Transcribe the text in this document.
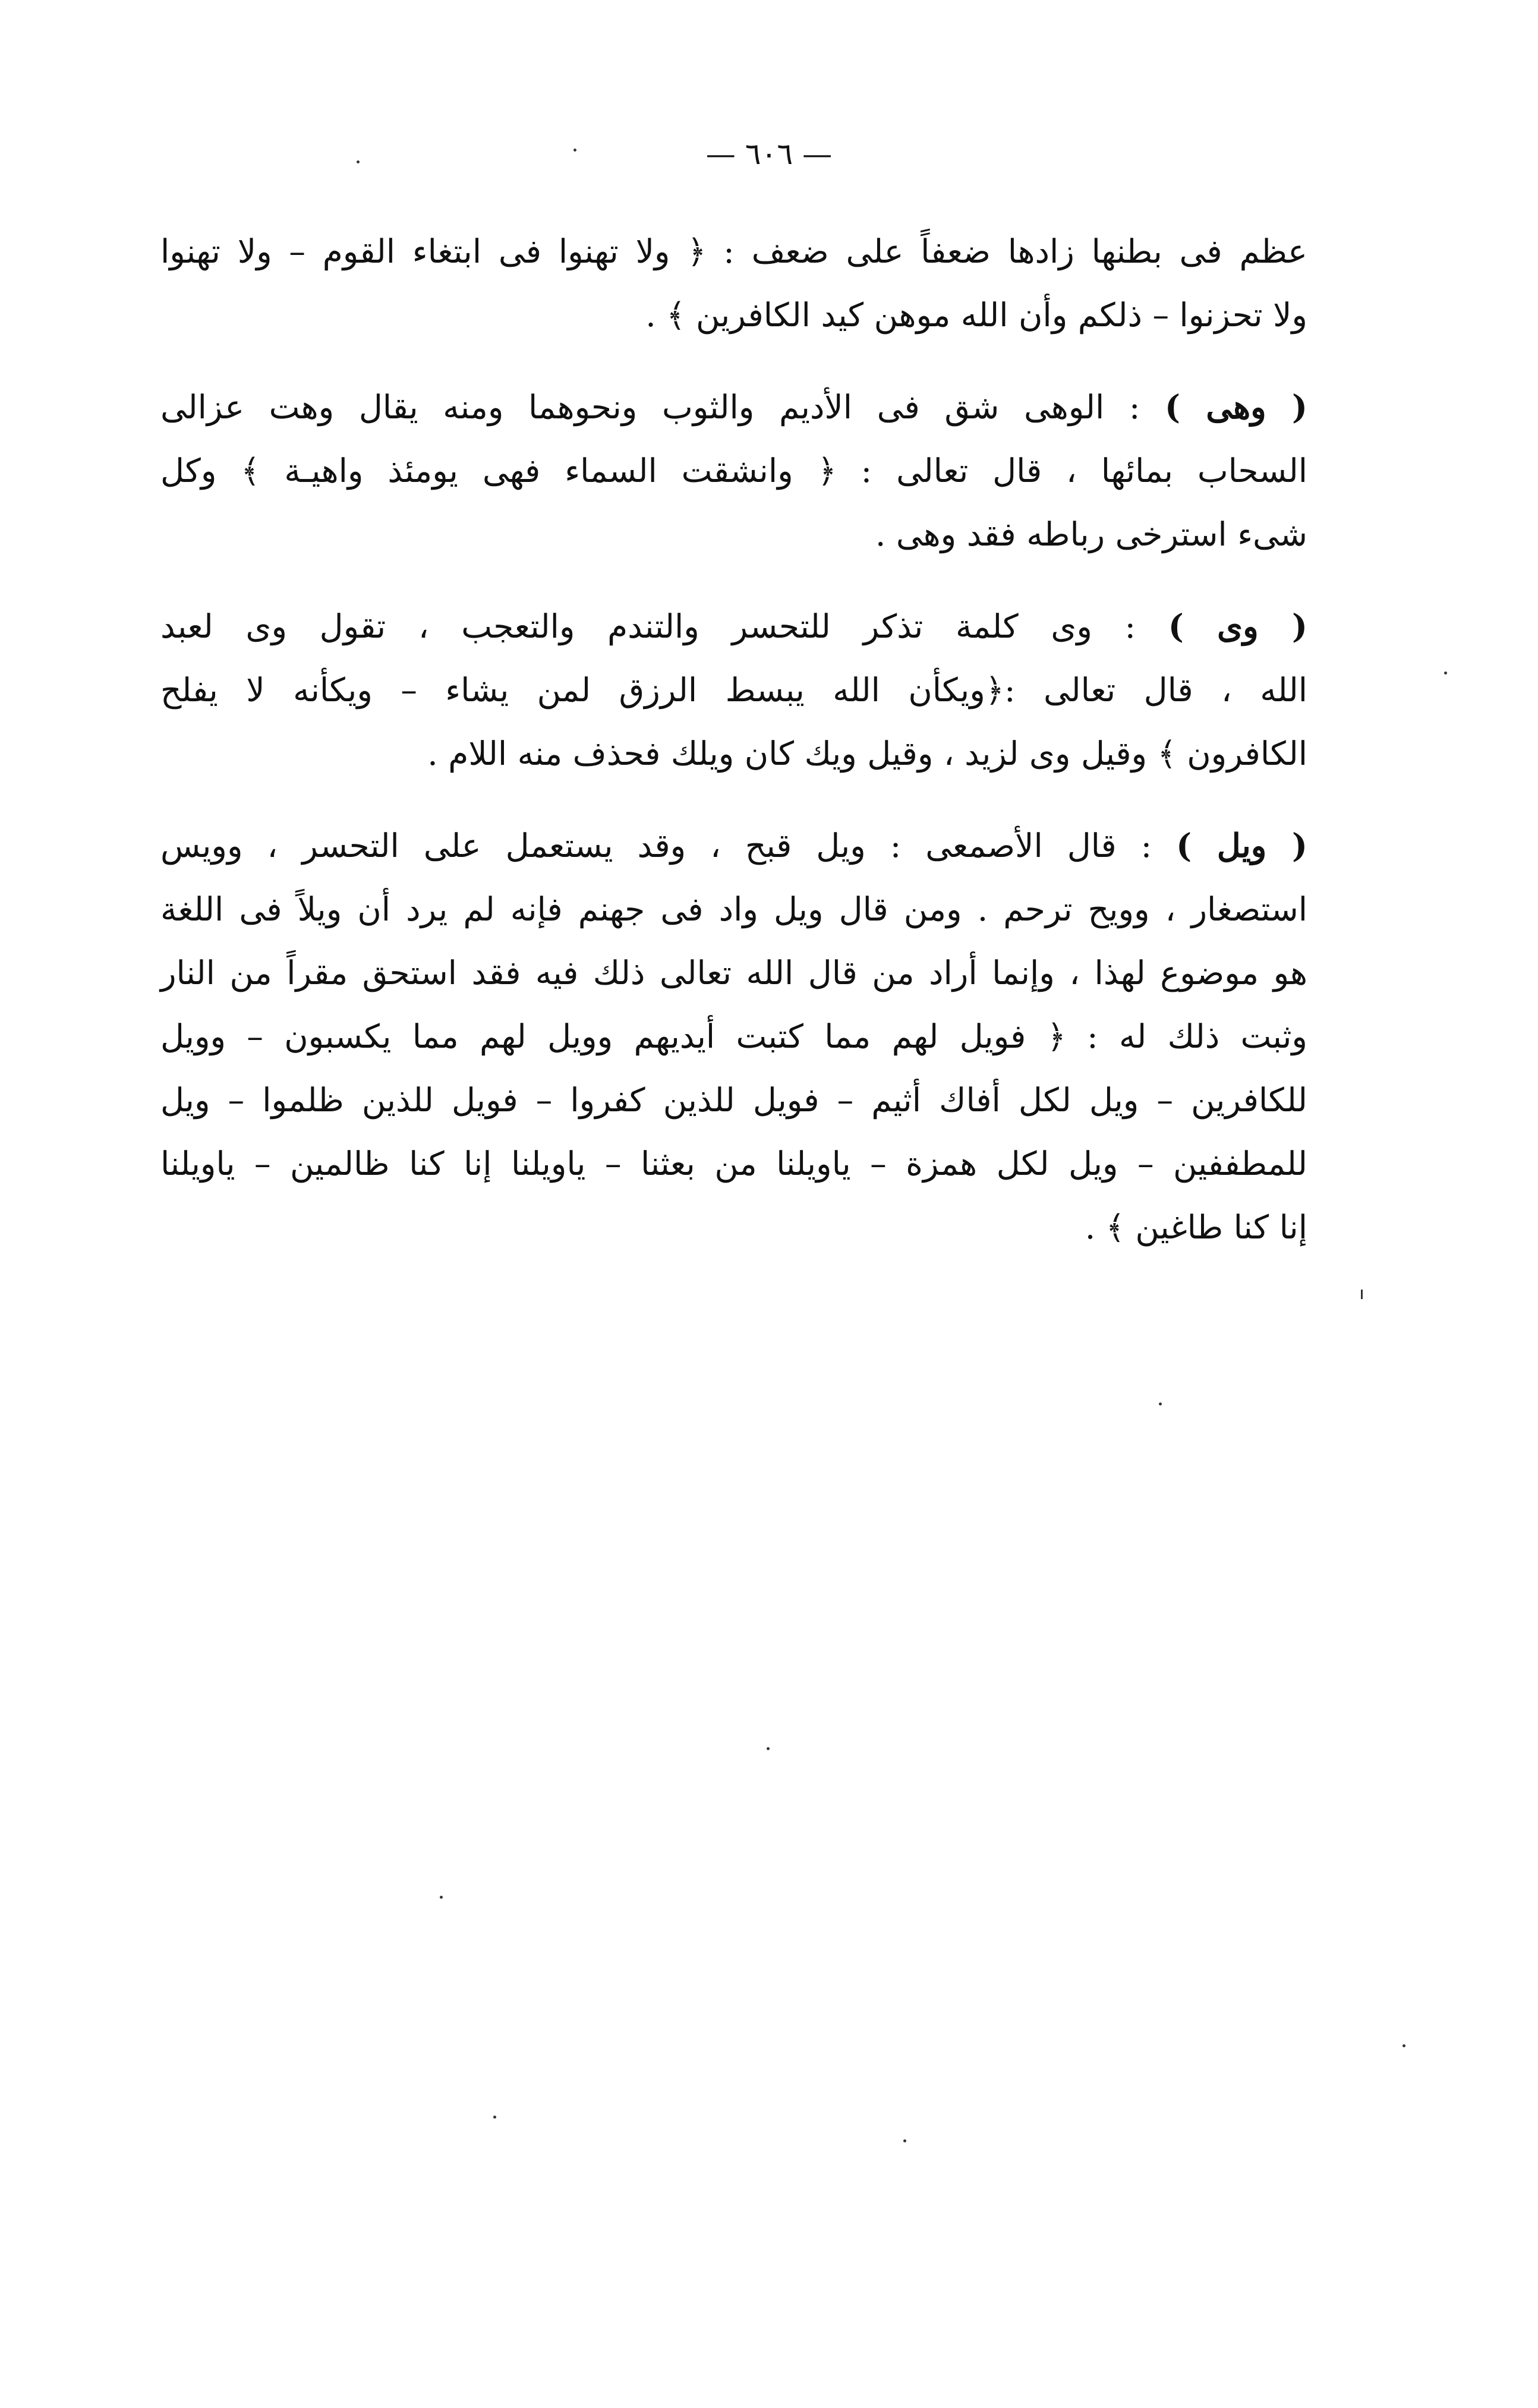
— ٦٠٦ —

عظم فى بطنها زادها ضعفاً على ضعف : ﴿ ولا تهنوا فى ابتغاء القوم – ولا تهنوا
ولا تحزنوا – ذلكم وأن الله موهن كيد الكافرين ﴾ .

( وهى ) : الوهى شق فى الأديم والثوب ونحوهما ومنه يقال وهت عزالى
السحاب بمائها ، قال تعالى : ﴿ وانشقت السماء فهى يومئذ واهيـة ﴾ وكل
شىء استرخى رباطه فقد وهى .

( وى ) : وى كلمة تذكر للتحسر والتندم والتعجب ، تقول وى لعبد
الله ، قال تعالى :﴿ويكأن الله يبسط الرزق لمن يشاء – ويكأنه لا يفلح
الكافرون ﴾ وقيل وى لزيد ، وقيل ويك كان ويلك فحذف منه اللام .

( ويل ) : قال الأصمعى : ويل قبح ، وقد يستعمل على التحسر ، وويس
استصغار ، وويح ترحم . ومن قال ويل واد فى جهنم فإنه لم يرد أن ويلاً فى اللغة
هو موضوع لهذا ، وإنما أراد من قال الله تعالى ذلك فيه فقد استحق مقراً من النار
وثبت ذلك له : ﴿ فويل لهم مما كتبت أيديهم وويل لهم مما يكسبون – وويل
للكافرين – ويل لكل أفاك أثيم – فويل للذين كفروا – فويل للذين ظلموا – ويل
للمطففين – ويل لكل همزة – ياويلنا من بعثنا – ياويلنا إنا كنا ظالمين – ياويلنا
إنا كنا طاغين ﴾ .
